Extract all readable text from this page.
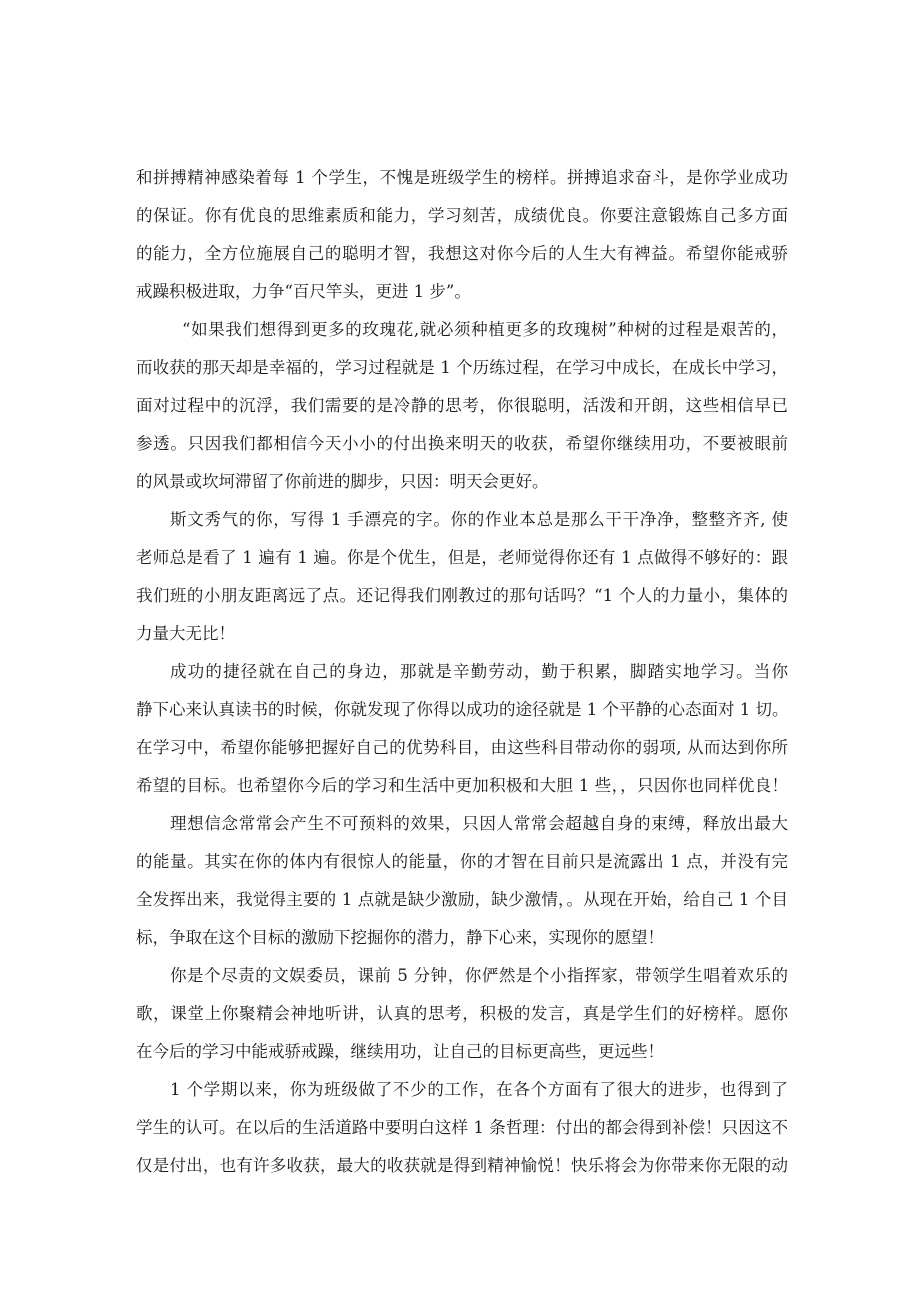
和拼搏精神感染着每 1 个学生，不愧是班级学生的榜样。拼搏追求奋斗，是你学业成功
的保证。你有优良的思维素质和能力，学习刻苦，成绩优良。你要注意锻炼自己多方面
的能力，全方位施展自己的聪明才智，我想这对你今后的人生大有裨益。希望你能戒骄
戒躁积极进取，力争“百尺竿头，更进 1 步”。
“如果我们想得到更多的玫瑰花,就必须种植更多的玫瑰树”种树的过程是艰苦的，
而收获的那天却是幸福的，学习过程就是 1 个历练过程，在学习中成长，在成长中学习，
面对过程中的沉浮，我们需要的是冷静的思考，你很聪明，活泼和开朗，这些相信早已
参透。只因我们都相信今天小小的付出换来明天的收获，希望你继续用功，不要被眼前
的风景或坎坷滞留了你前进的脚步，只因：明天会更好。
斯文秀气的你，写得 1 手漂亮的字。你的作业本总是那么干干净净，整整齐齐, 使
老师总是看了 1 遍有 1 遍。你是个优生，但是，老师觉得你还有 1 点做得不够好的：跟
我们班的小朋友距离远了点。还记得我们刚教过的那句话吗？“1 个人的力量小，集体的
力量大无比！
成功的捷径就在自己的身边，那就是辛勤劳动，勤于积累，脚踏实地学习。当你
静下心来认真读书的时候，你就发现了你得以成功的途径就是 1 个平静的心态面对 1 切。
在学习中，希望你能够把握好自己的优势科目，由这些科目带动你的弱项, 从而达到你所
希望的目标。也希望你今后的学习和生活中更加积极和大胆 1 些，，只因你也同样优良！
理想信念常常会产生不可预料的效果，只因人常常会超越自身的束缚，释放出最大
的能量。其实在你的体内有很惊人的能量，你的才智在目前只是流露出 1 点，并没有完
全发挥出来，我觉得主要的 1 点就是缺少激励，缺少激情，。从现在开始，给自己 1 个目
标，争取在这个目标的激励下挖掘你的潜力，静下心来，实现你的愿望！
你是个尽责的文娱委员，课前 5 分钟，你俨然是个小指挥家，带领学生唱着欢乐的
歌，课堂上你聚精会神地听讲，认真的思考，积极的发言，真是学生们的好榜样。愿你
在今后的学习中能戒骄戒躁，继续用功，让自己的目标更高些，更远些！
1 个学期以来，你为班级做了不少的工作，在各个方面有了很大的进步，也得到了
学生的认可。在以后的生活道路中要明白这样 1 条哲理：付出的都会得到补偿！只因这不
仅是付出，也有许多收获，最大的收获就是得到精神愉悦！快乐将会为你带来你无限的动
